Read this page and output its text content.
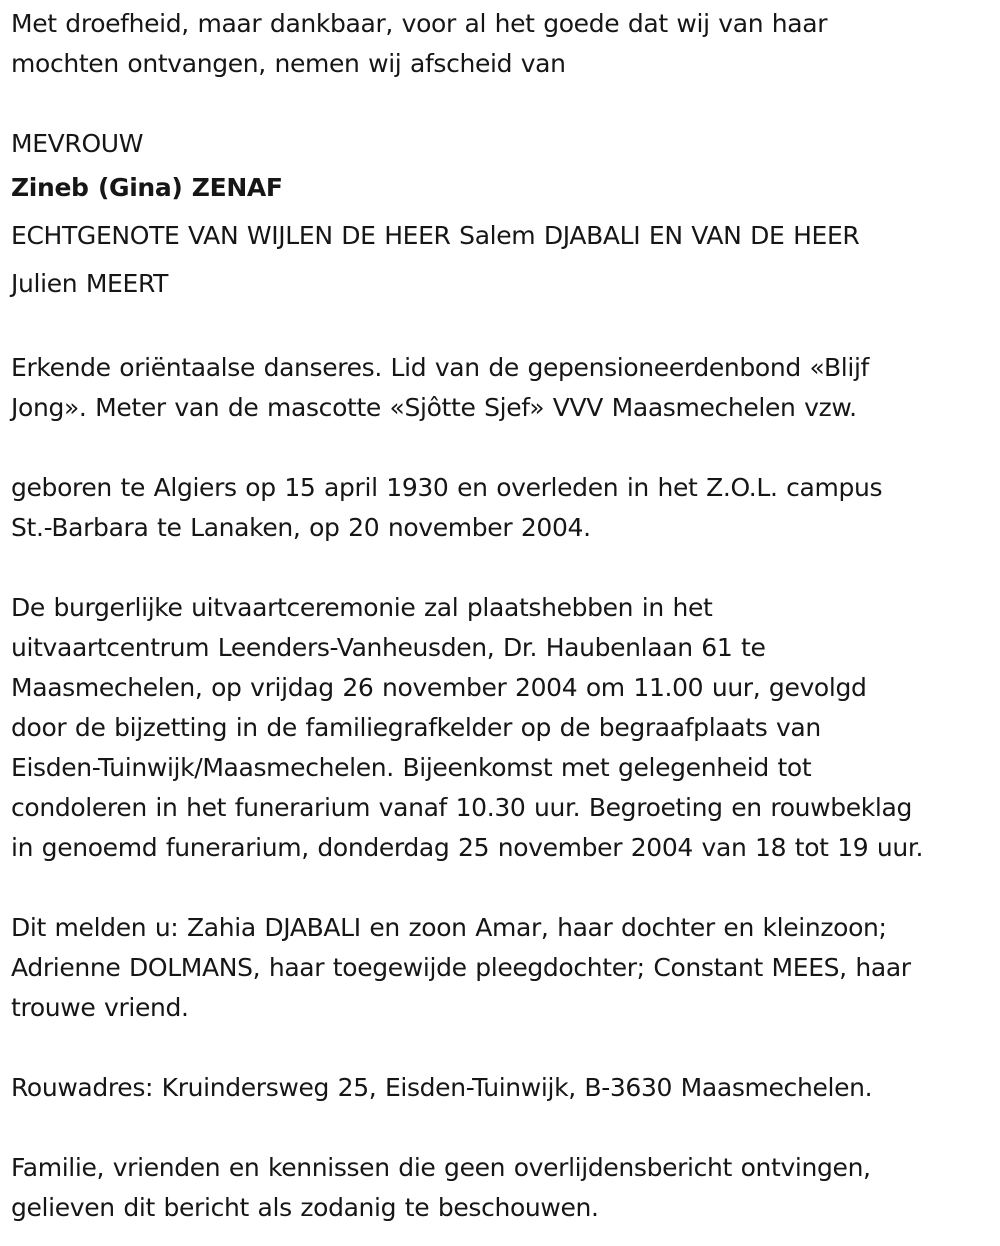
Met droefheid, maar dankbaar, voor al het goede dat wij van haar
mochten ontvangen, nemen wij afscheid van

MEVROUW
Zineb (Gina) ZENAF
ECHTGENOTE VAN WIJLEN DE HEER Salem DJABALI EN VAN DE HEER
Julien MEERT

Erkende oriëntaalse danseres. Lid van de gepensioneerdenbond «Blijf
Jong». Meter van de mascotte «Sjôtte Sjef» VVV Maasmechelen vzw.

geboren te Algiers op 15 april 1930 en overleden in het Z.O.L. campus
St.-Barbara te Lanaken, op 20 november 2004.

De burgerlijke uitvaartceremonie zal plaatshebben in het
uitvaartcentrum Leenders-Vanheusden, Dr. Haubenlaan 61 te
Maasmechelen, op vrijdag 26 november 2004 om 11.00 uur, gevolgd
door de bijzetting in de familiegrafkelder op de begraafplaats van
Eisden-Tuinwijk/Maasmechelen. Bijeenkomst met gelegenheid tot
condoleren in het funerarium vanaf 10.30 uur. Begroeting en rouwbeklag
in genoemd funerarium, donderdag 25 november 2004 van 18 tot 19 uur.

Dit melden u: Zahia DJABALI en zoon Amar, haar dochter en kleinzoon;
Adrienne DOLMANS, haar toegewijde pleegdochter; Constant MEES, haar
trouwe vriend.

Rouwadres: Kruindersweg 25, Eisden-Tuinwijk, B-3630 Maasmechelen.

Familie, vrienden en kennissen die geen overlijdensbericht ontvingen,
gelieven dit bericht als zodanig te beschouwen.
